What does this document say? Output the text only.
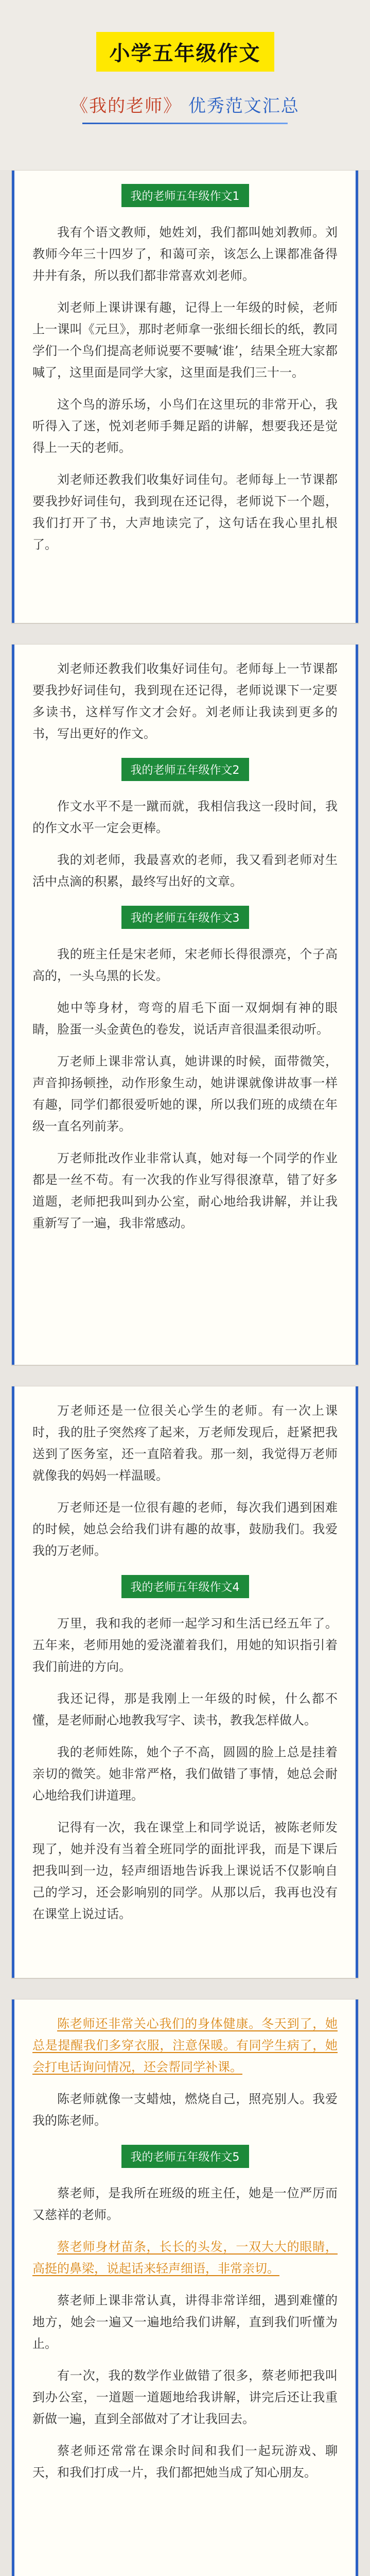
小学五年级作文
《我的老师》 优秀范文汇总
我的老师五年级作文1

我有个语文教师，她姓刘，我们都叫她刘教师。刘教师今年三十四岁了，和蔼可亲，该怎么上课都准备得井井有条，所以我们都非常喜欢刘老师。

刘老师上课讲课有趣，记得上一年级的时候，老师上一课叫《元旦》，那时老师拿一张细长细长的纸，教同学们一个鸟们提高老师说要不要喊‘谁’，结果全班大家都喊了，这里面是同学大家，这里面是我们三十一。

这个鸟的游乐场，小鸟们在这里玩的非常开心，我听得入了迷，悦刘老师手舞足蹈的讲解，想要我还是觉得上一天的老师。

刘老师还教我们收集好词佳句。老师每上一节课都要我抄好词佳句，我到现在还记得，老师说下一个题，我们打开了书，大声地读完了，这句话在我心里扎根了。

刘老师还教我们收集好词佳句。老师每上一节课都要我抄好词佳句，我到现在还记得，老师说课下一定要多读书，这样写作文才会好。刘老师让我读到更多的书，写出更好的作文。

我的老师五年级作文2

作文水平不是一蹴而就，我相信我这一段时间，我的作文水平一定会更棒。

我的刘老师，我最喜欢的老师，我又看到老师对生活中点滴的积累，最终写出好的文章。

我的老师五年级作文3

我的班主任是宋老师，宋老师长得很漂亮，个子高高的，一头乌黑的长发。

她中等身材，弯弯的眉毛下面一双炯炯有神的眼睛，脸蛋一头金黄色的卷发，说话声音很温柔很动听。

万老师上课非常认真，她讲课的时候，面带微笑，声音抑扬顿挫，动作形象生动，她讲课就像讲故事一样有趣，同学们都很爱听她的课，所以我们班的成绩在年级一直名列前茅。

万老师批改作业非常认真，她对每一个同学的作业都是一丝不苟。有一次我的作业写得很潦草，错了好多道题，老师把我叫到办公室，耐心地给我讲解，并让我重新写了一遍，我非常感动。

万老师还是一位很关心学生的老师。有一次上课时，我的肚子突然疼了起来，万老师发现后，赶紧把我送到了医务室，还一直陪着我。那一刻，我觉得万老师就像我的妈妈一样温暖。

万老师还是一位很有趣的老师，每次我们遇到困难的时候，她总会给我们讲有趣的故事，鼓励我们。我爱我的万老师。

我的老师五年级作文4

万里，我和我的老师一起学习和生活已经五年了。五年来，老师用她的爱浇灌着我们，用她的知识指引着我们前进的方向。

我还记得，那是我刚上一年级的时候，什么都不懂，是老师耐心地教我写字、读书，教我怎样做人。

我的老师姓陈，她个子不高，圆圆的脸上总是挂着亲切的微笑。她非常严格，我们做错了事情，她总会耐心地给我们讲道理。

记得有一次，我在课堂上和同学说话，被陈老师发现了，她并没有当着全班同学的面批评我，而是下课后把我叫到一边，轻声细语地告诉我上课说话不仅影响自己的学习，还会影响别的同学。从那以后，我再也没有在课堂上说过话。

陈老师还非常关心我们的身体健康。冬天到了，她总是提醒我们多穿衣服，注意保暖。有同学生病了，她会打电话询问情况，还会帮同学补课。

陈老师就像一支蜡烛，燃烧自己，照亮别人。我爱我的陈老师。

我的老师五年级作文5

蔡老师，是我所在班级的班主任，她是一位严厉而又慈祥的老师。

蔡老师身材苗条，长长的头发，一双大大的眼睛，高挺的鼻梁，说起话来轻声细语，非常亲切。

蔡老师上课非常认真，讲得非常详细，遇到难懂的地方，她会一遍又一遍地给我们讲解，直到我们听懂为止。

有一次，我的数学作业做错了很多，蔡老师把我叫到办公室，一道题一道题地给我讲解，讲完后还让我重新做一遍，直到全部做对了才让我回去。

蔡老师还常常在课余时间和我们一起玩游戏、聊天，和我们打成一片，我们都把她当成了知心朋友。
